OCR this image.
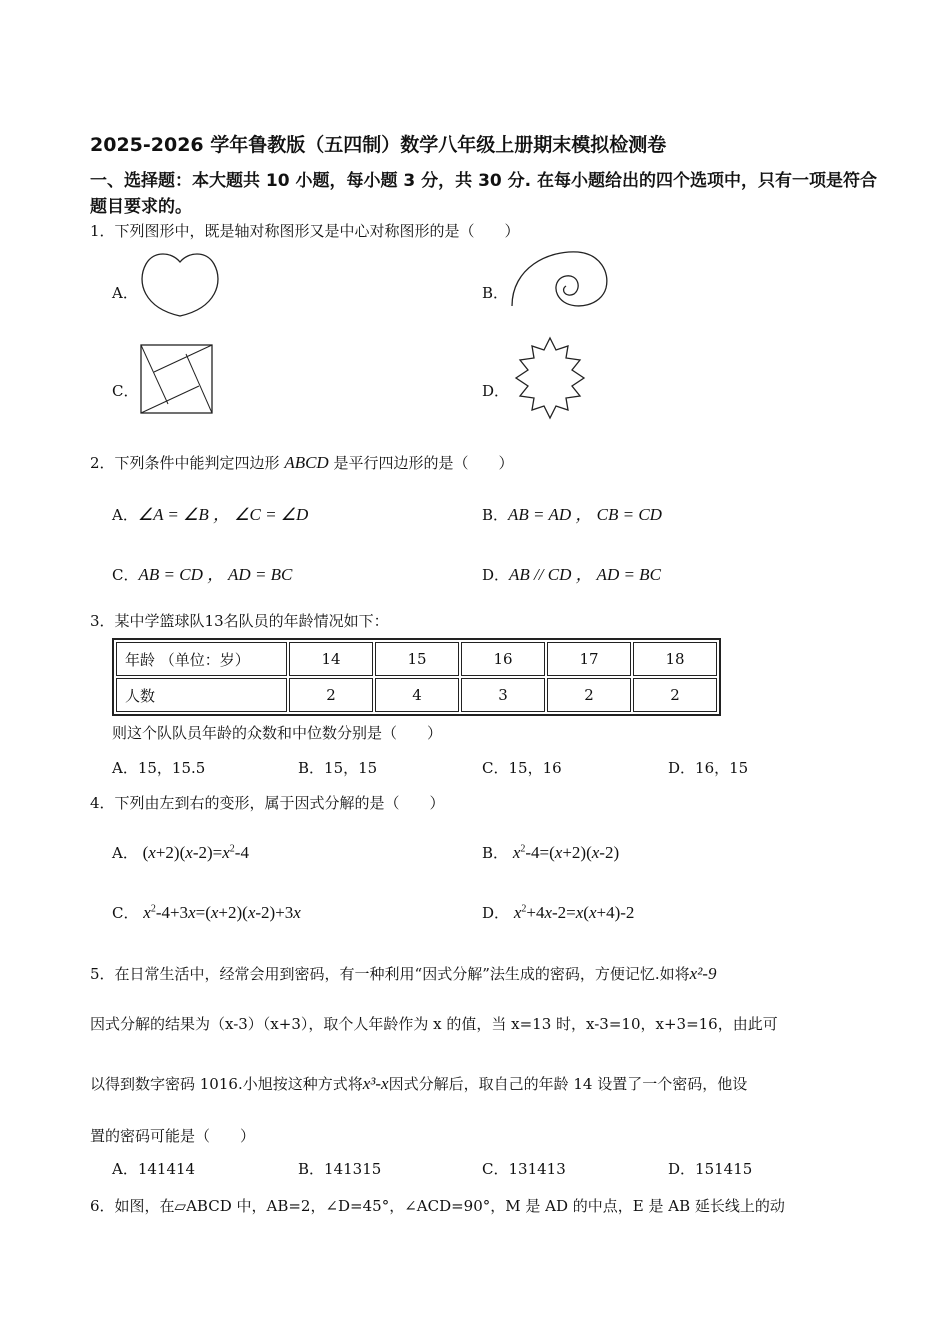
2025-2026 学年鲁教版（五四制）数学八年级上册期末模拟检测卷
一、选择题：本大题共 10 小题，每小题 3 分，共 30 分. 在每小题给出的四个选项中，只有一项是符合题目要求的。
1．下列图形中，既是轴对称图形又是中心对称图形的是（　　）
A．	B．
C．	D．
2．下列条件中能判定四边形 ABCD 是平行四边形的是（　　）
A．∠A = ∠B ， ∠C = ∠D	B．AB = AD ， CB = CD
C．AB = CD ， AD = BC	D．AB // CD ， AD = BC
3．某中学篮球队13名队员的年龄情况如下：
年龄 （单位：岁）	14	15	16	17	18
人数	2	4	3	2	2
则这个队队员年龄的众数和中位数分别是（　　）
A．15，15.5	B．15，15	C．15，16	D．16，15
4．下列由左到右的变形，属于因式分解的是（　　）
A． $(x+2)(x-2)=x^2-4$	B． $x^2-4=(x+2)(x-2)$
C． $x^2-4+3x=(x+2)(x-2)+3x$	D． $x^2+4x-2=x(x+4)-2$
5．在日常生活中，经常会用到密码，有一种利用“因式分解”法生成的密码，方便记忆.如将x²-9
因式分解的结果为（x-3）（x+3），取个人年龄作为 x 的值，当 x=13 时，x-3=10，x+3=16，由此可
以得到数字密码 1016.小旭按这种方式将x³-x因式分解后，取自己的年龄 14 设置了一个密码，他设
置的密码可能是（　　）
A．141414	B．141315	C．131413	D．151415
6．如图，在▱ABCD 中，AB=2，∠D=45°，∠ACD=90°，M 是 AD 的中点，E 是 AB 延长线上的动
